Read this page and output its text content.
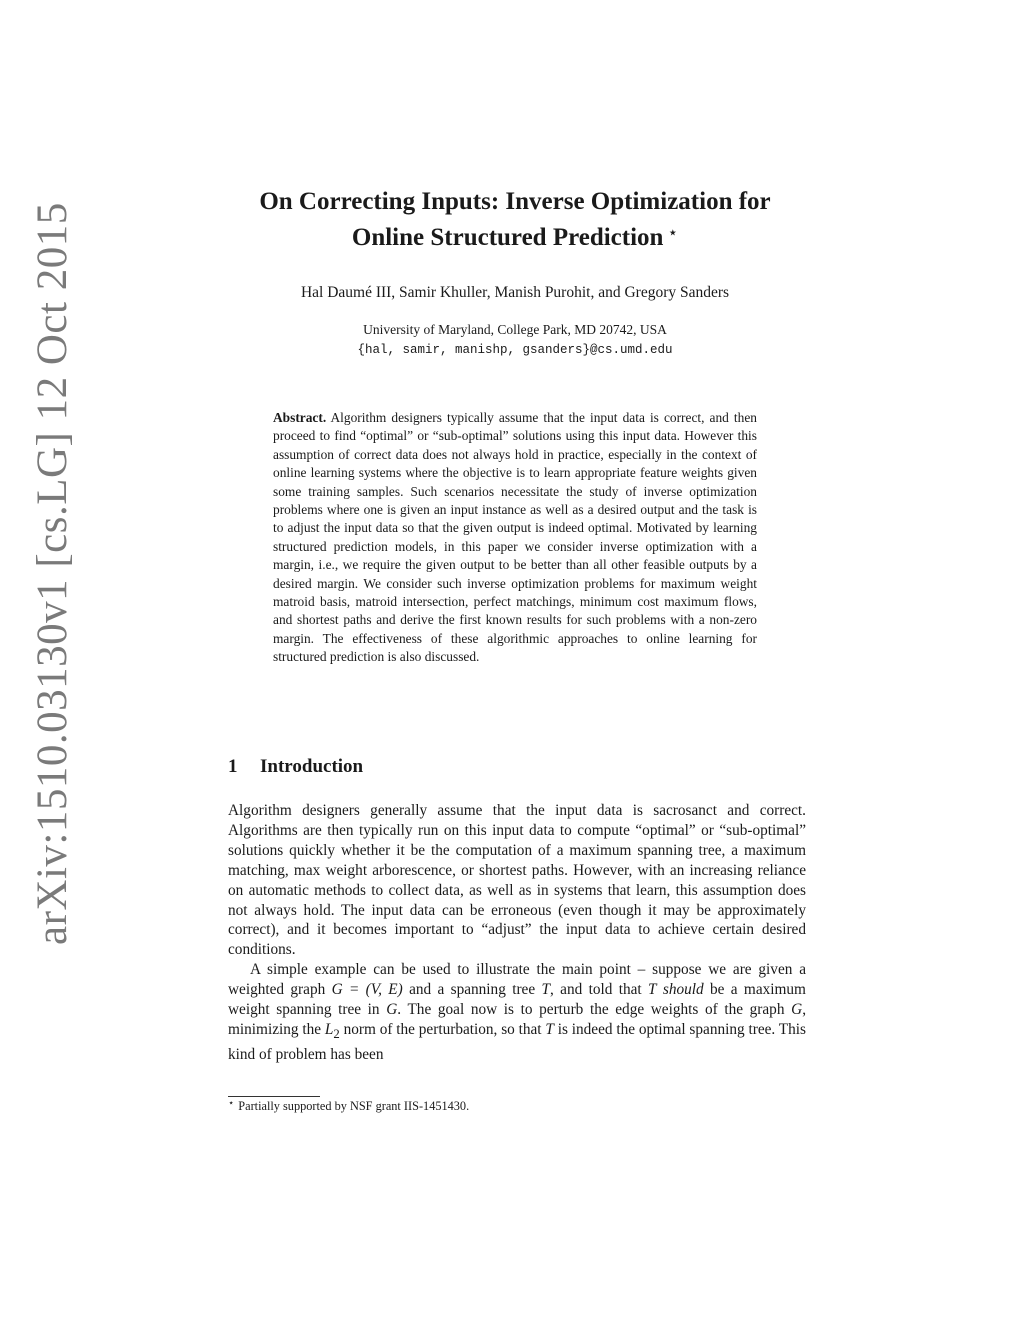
arXiv:1510.03130v1 [cs.LG] 12 Oct 2015
On Correcting Inputs: Inverse Optimization for
Online Structured Prediction ⋆
Hal Daumé III, Samir Khuller, Manish Purohit, and Gregory Sanders
University of Maryland, College Park, MD 20742, USA
{hal, samir, manishp, gsanders}@cs.umd.edu
Abstract. Algorithm designers typically assume that the input data is correct, and then proceed to find “optimal” or “sub-optimal” solutions using this input data. However this assumption of correct data does not always hold in practice, especially in the context of online learning systems where the objective is to learn appropriate feature weights given some training samples. Such scenarios necessitate the study of inverse optimization problems where one is given an input instance as well as a desired output and the task is to adjust the input data so that the given output is indeed optimal. Motivated by learning structured prediction models, in this paper we consider inverse optimization with a margin, i.e., we require the given output to be better than all other feasible outputs by a desired margin. We consider such inverse optimization problems for maximum weight matroid basis, matroid intersection, perfect matchings, minimum cost maximum flows, and shortest paths and derive the first known results for such problems with a non-zero margin. The effectiveness of these algorithmic approaches to online learning for structured prediction is also discussed.
1 Introduction

Algorithm designers generally assume that the input data is sacrosanct and correct. Algorithms are then typically run on this input data to compute “optimal” or “sub-optimal” solutions quickly whether it be the computation of a maximum spanning tree, a maximum matching, max weight arborescence, or shortest paths. However, with an increasing reliance on automatic methods to collect data, as well as in systems that learn, this assumption does not always hold. The input data can be erroneous (even though it may be approximately correct), and it becomes important to “adjust” the input data to achieve certain desired conditions.

A simple example can be used to illustrate the main point – suppose we are given a weighted graph G = (V, E) and a spanning tree T, and told that T should be a maximum weight spanning tree in G. The goal now is to perturb the edge weights of the graph G, minimizing the $L_2$ norm of the perturbation, so that T is indeed the optimal spanning tree. This kind of problem has been

⋆ Partially supported by NSF grant IIS-1451430.
